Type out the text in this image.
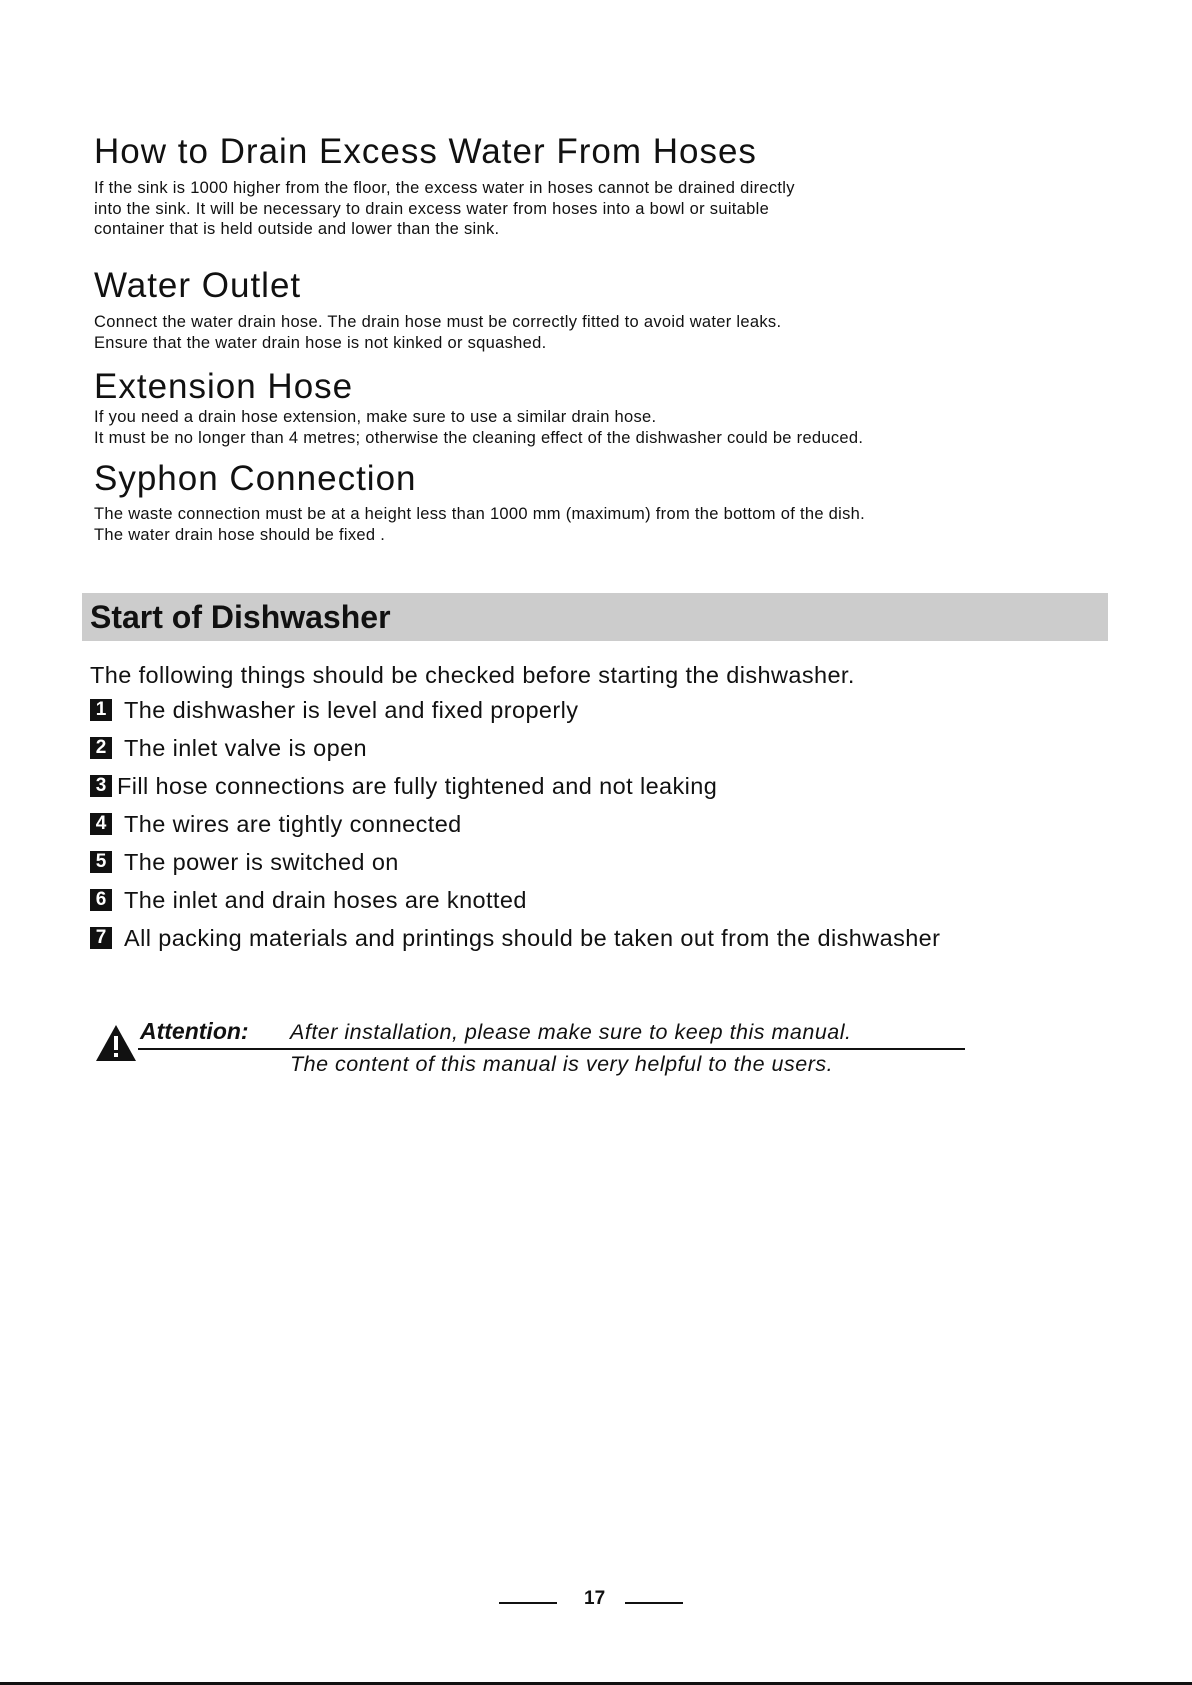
How to Drain Excess Water From Hoses

If the sink is 1000 higher from the floor, the excess water in hoses cannot be drained directly
into the sink. It will be necessary to drain excess water from hoses into a bowl or suitable
container that is held outside and lower than the sink.

Water Outlet

Connect the water drain hose. The drain hose must be correctly fitted to avoid water leaks.
Ensure that the water drain hose is not kinked or squashed.

Extension Hose

If you need a drain hose extension, make sure to use a similar drain hose.
It must be no longer than 4 metres; otherwise the cleaning effect of the dishwasher could be reduced.

Syphon Connection

The waste connection must be at a height less than 1000 mm (maximum) from the bottom of the dish.
The water drain hose should be fixed .

Start of Dishwasher

The following things should be checked before starting the dishwasher.

1 The dishwasher is level and fixed properly
2 The inlet valve is open
3 Fill hose connections are fully tightened and not leaking
4 The wires are tightly connected
5 The power is switched on
6 The inlet and drain hoses are knotted
7 All packing materials and printings should be taken out from the dishwasher

Attention: After installation, please make sure to keep this manual.

The content of this manual is very helpful to the users.

17
